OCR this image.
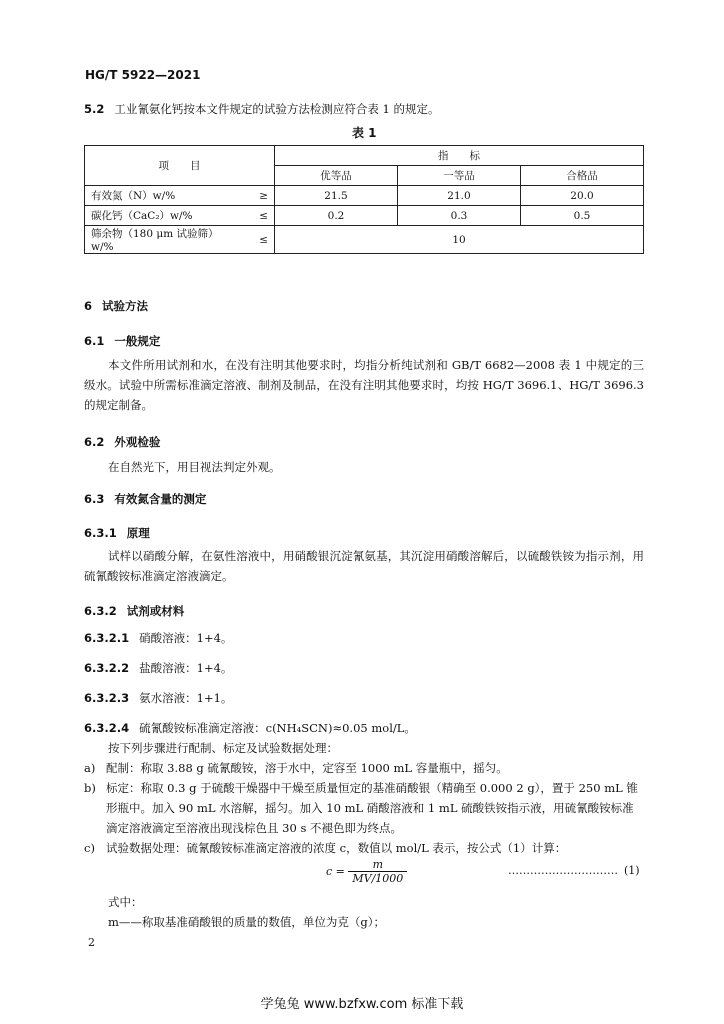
HG/T 5922—2021
5.2 工业氰氨化钙按本文件规定的试验方法检测应符合表 1 的规定。
表 1
项　　目		指　　标		
		优等品	一等品	合格品
有效氮（N）w/%	≥	21.5	21.0	20.0
碳化钙（CaC₂）w/%	≤	0.2	0.3	0.5
筛余物（180 μm 试验筛）w/%	≤	10		
6 试验方法
6.1 一般规定
本文件所用试剂和水，在没有注明其他要求时，均指分析纯试剂和 GB/T 6682—2008 表 1 中规定的三级水。试验中所需标准滴定溶液、制剂及制品，在没有注明其他要求时，均按 HG/T 3696.1、HG/T 3696.3 的规定制备。
6.2 外观检验
在自然光下，用目视法判定外观。
6.3 有效氮含量的测定
6.3.1 原理
试样以硝酸分解，在氨性溶液中，用硝酸银沉淀氰氨基，其沉淀用硝酸溶解后，以硫酸铁铵为指示剂，用硫氰酸铵标准滴定溶液滴定。
6.3.2 试剂或材料
6.3.2.1 硝酸溶液：1+4。
6.3.2.2 盐酸溶液：1+4。
6.3.2.3 氨水溶液：1+1。
6.3.2.4 硫氰酸铵标准滴定溶液：c(NH₄SCN)≈0.05 mol/L。
按下列步骤进行配制、标定及试验数据处理：
a) 配制：称取 3.88 g 硫氰酸铵，溶于水中，定容至 1000 mL 容量瓶中，摇匀。
b) 标定：称取 0.3 g 于硫酸干燥器中干燥至质量恒定的基准硝酸银（精确至 0.000 2 g），置于 250 mL 锥形瓶中。加入 90 mL 水溶解，摇匀。加入 10 mL 硝酸溶液和 1 mL 硫酸铁铵指示液，用硫氰酸铵标准滴定溶液滴定至溶液出现浅棕色且 30 s 不褪色即为终点。
c) 试验数据处理：硫氰酸铵标准滴定溶液的浓度 c，数值以 mol/L 表示，按公式（1）计算：
$c = \frac{m}{MV/1000}$	………………………… (1)
式中：
m——称取基准硝酸银的质量的数值，单位为克（g）；
2
学兔兔 www.bzfxw.com 标准下载
